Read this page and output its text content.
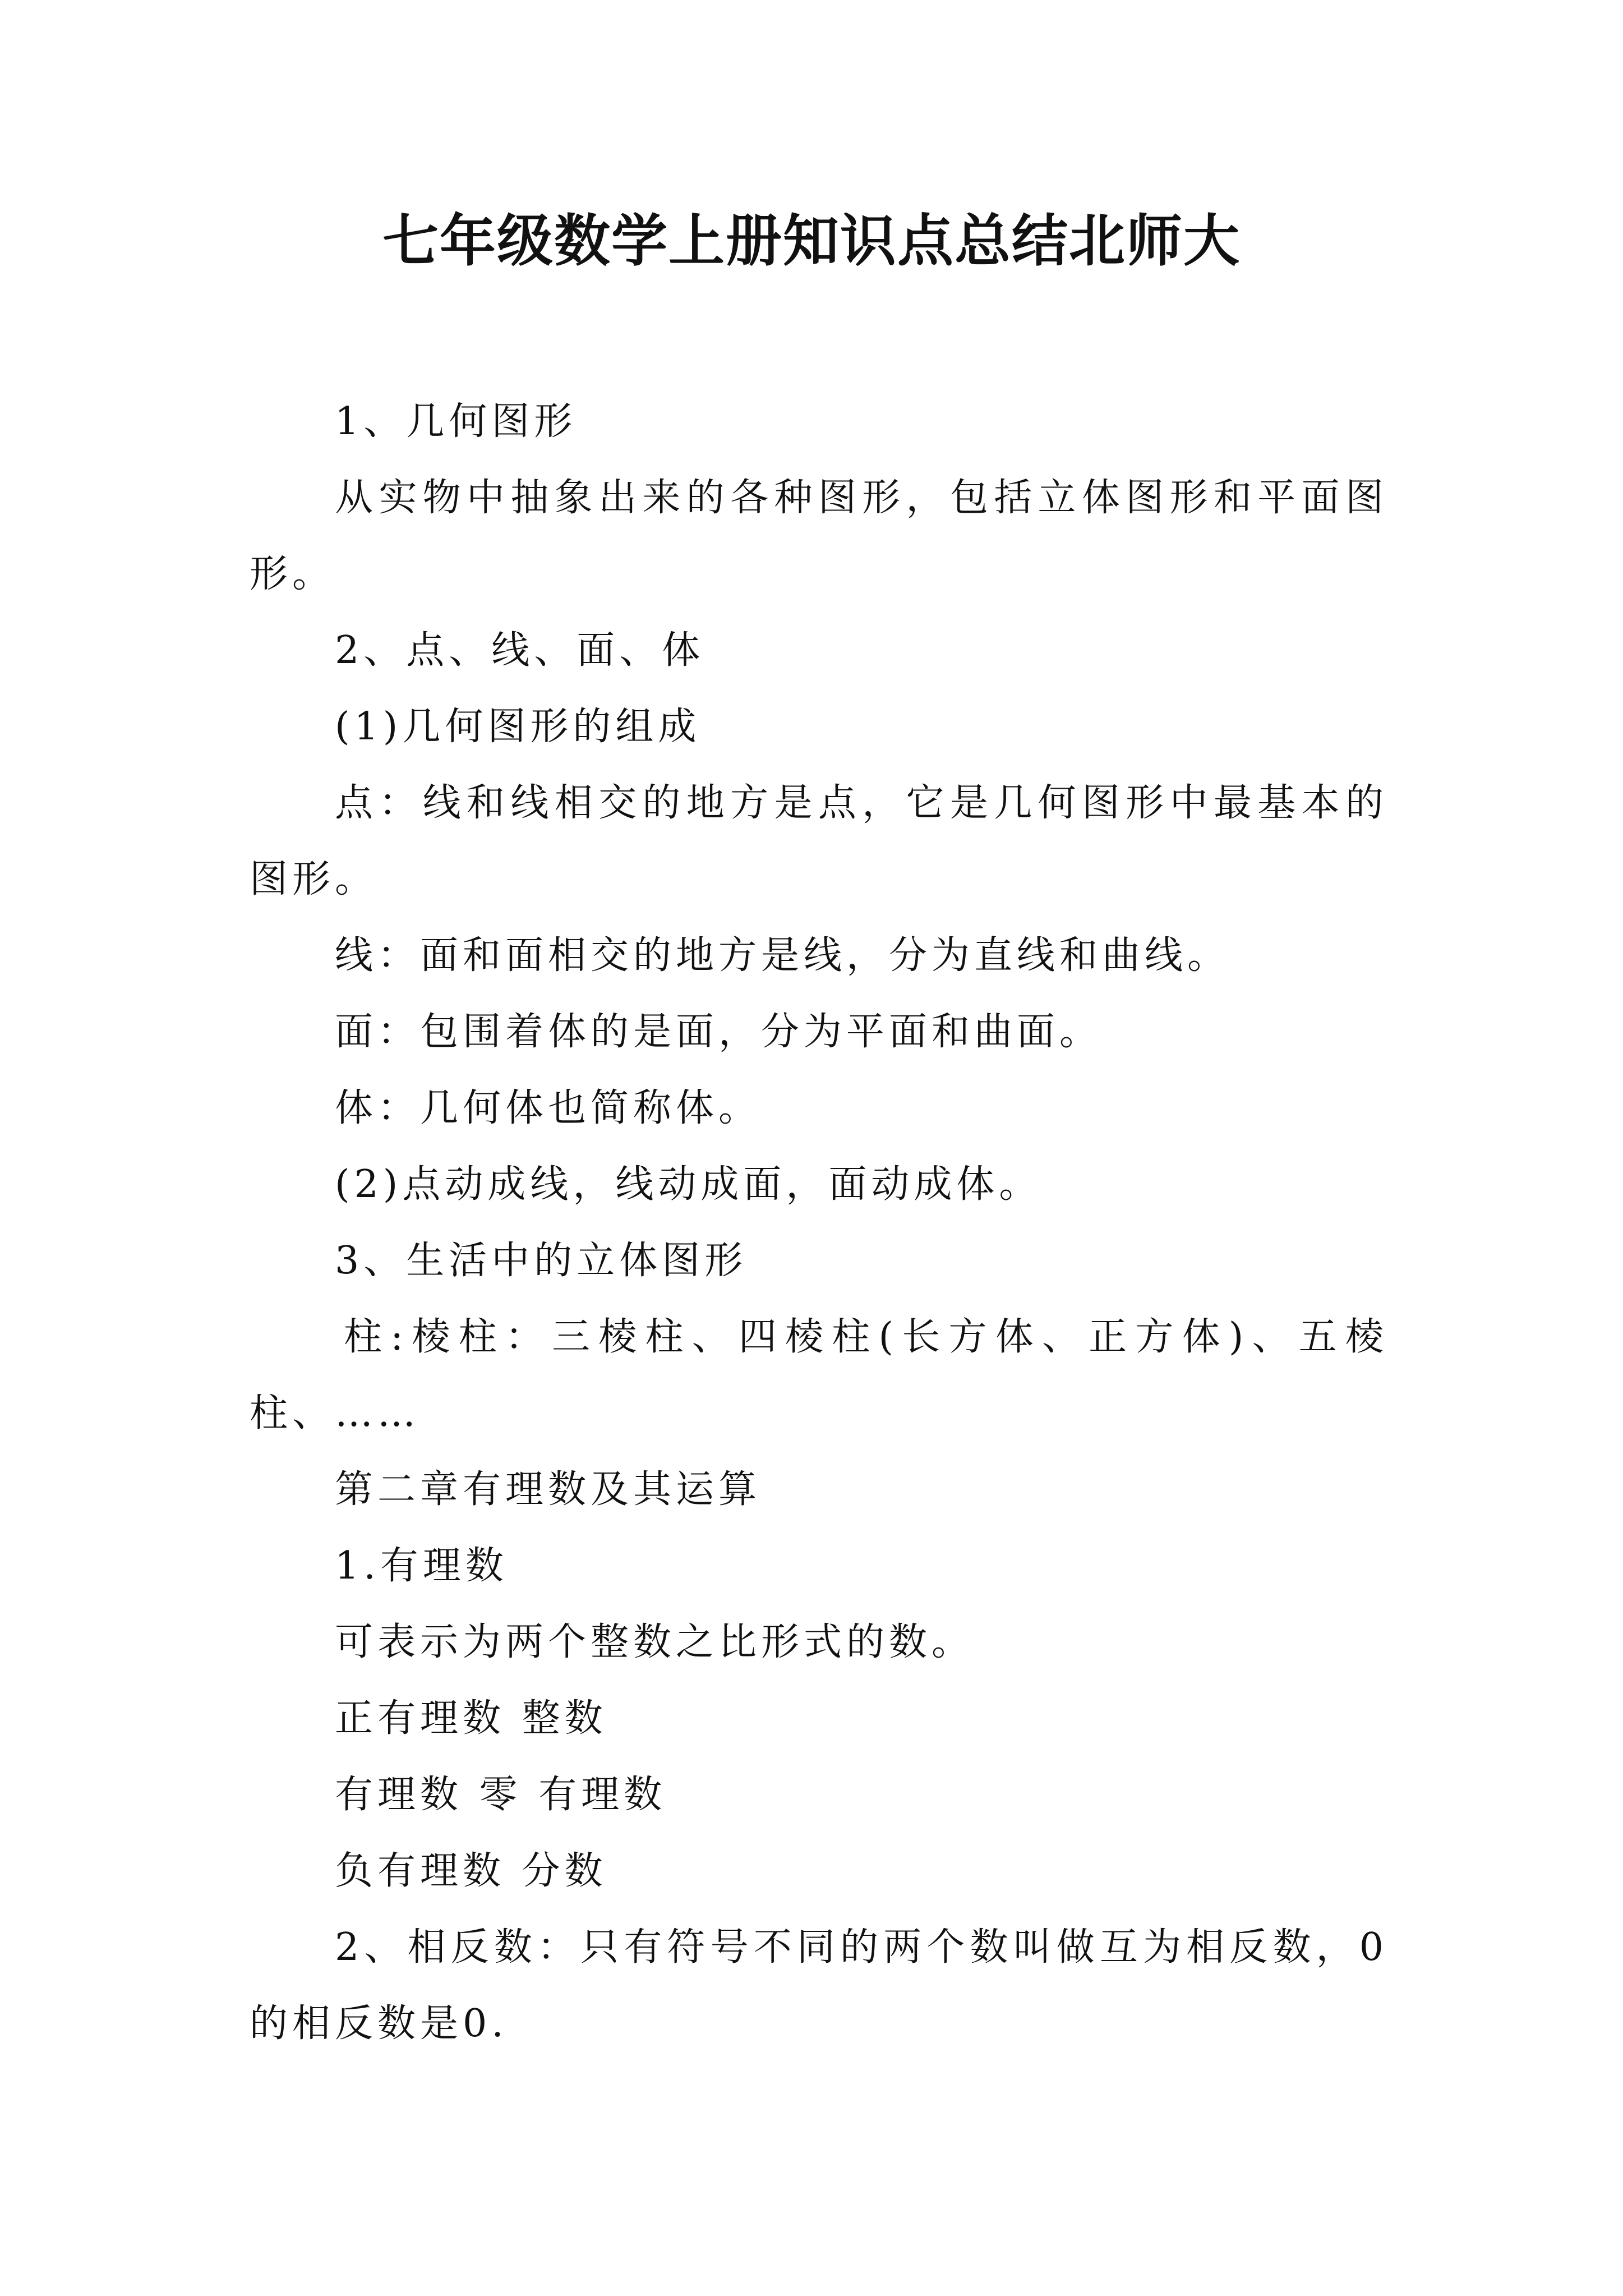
七年级数学上册知识点总结北师大

1、几何图形

从实物中抽象出来的各种图形，包括立体图形和平面图形。

2、点、线、面、体

(1)几何图形的组成

点：线和线相交的地方是点，它是几何图形中最基本的图形。

线：面和面相交的地方是线，分为直线和曲线。

面：包围着体的是面，分为平面和曲面。

体：几何体也简称体。

(2)点动成线，线动成面，面动成体。

3、生活中的立体图形

柱:棱柱：三棱柱、四棱柱(长方体、正方体)、五棱柱、……

第二章有理数及其运算

1.有理数

可表示为两个整数之比形式的数。

正有理数 整数

有理数 零 有理数

负有理数 分数

2、相反数：只有符号不同的两个数叫做互为相反数，0的相反数是0.
